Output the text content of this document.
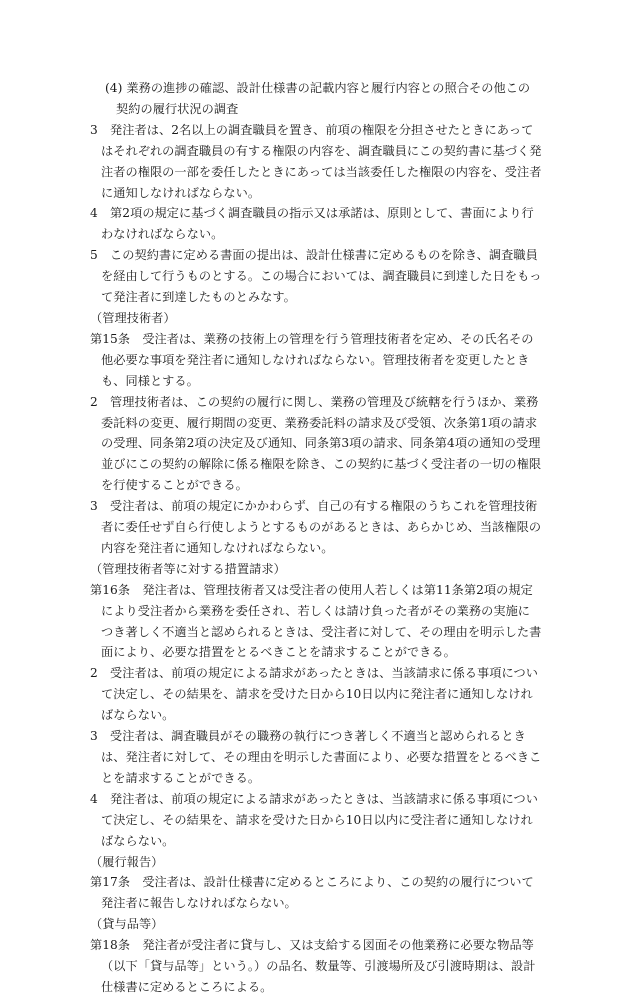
(4) 業務の進捗の確認、設計仕様書の記載内容と履行内容との照合その他この契約の履行状況の調査
3　発注者は、2名以上の調査職員を置き、前項の権限を分担させたときにあってはそれぞれの調査職員の有する権限の内容を、調査職員にこの契約書に基づく発注者の権限の一部を委任したときにあっては当該委任した権限の内容を、受注者に通知しなければならない。
4　第2項の規定に基づく調査職員の指示又は承諾は、原則として、書面により行わなければならない。
5　この契約書に定める書面の提出は、設計仕様書に定めるものを除き、調査職員を経由して行うものとする。この場合においては、調査職員に到達した日をもって発注者に到達したものとみなす。
（管理技術者）
第15条　受注者は、業務の技術上の管理を行う管理技術者を定め、その氏名その他必要な事項を発注者に通知しなければならない。管理技術者を変更したときも、同様とする。
2　管理技術者は、この契約の履行に関し、業務の管理及び統轄を行うほか、業務委託料の変更、履行期間の変更、業務委託料の請求及び受領、次条第1項の請求の受理、同条第2項の決定及び通知、同条第3項の請求、同条第4項の通知の受理並びにこの契約の解除に係る権限を除き、この契約に基づく受注者の一切の権限を行使することができる。
3　受注者は、前項の規定にかかわらず、自己の有する権限のうちこれを管理技術者に委任せず自ら行使しようとするものがあるときは、あらかじめ、当該権限の内容を発注者に通知しなければならない。
（管理技術者等に対する措置請求）
第16条　発注者は、管理技術者又は受注者の使用人若しくは第11条第2項の規定により受注者から業務を委任され、若しくは請け負った者がその業務の実施につき著しく不適当と認められるときは、受注者に対して、その理由を明示した書面により、必要な措置をとるべきことを請求することができる。
2　受注者は、前項の規定による請求があったときは、当該請求に係る事項について決定し、その結果を、請求を受けた日から10日以内に発注者に通知しなければならない。
3　受注者は、調査職員がその職務の執行につき著しく不適当と認められるときは、発注者に対して、その理由を明示した書面により、必要な措置をとるべきことを請求することができる。
4　発注者は、前項の規定による請求があったときは、当該請求に係る事項について決定し、その結果を、請求を受けた日から10日以内に受注者に通知しなければならない。
（履行報告）
第17条　受注者は、設計仕様書に定めるところにより、この契約の履行について発注者に報告しなければならない。
（貸与品等）
第18条　発注者が受注者に貸与し、又は支給する図面その他業務に必要な物品等（以下「貸与品等」という。）の品名、数量等、引渡場所及び引渡時期は、設計仕様書に定めるところによる。
